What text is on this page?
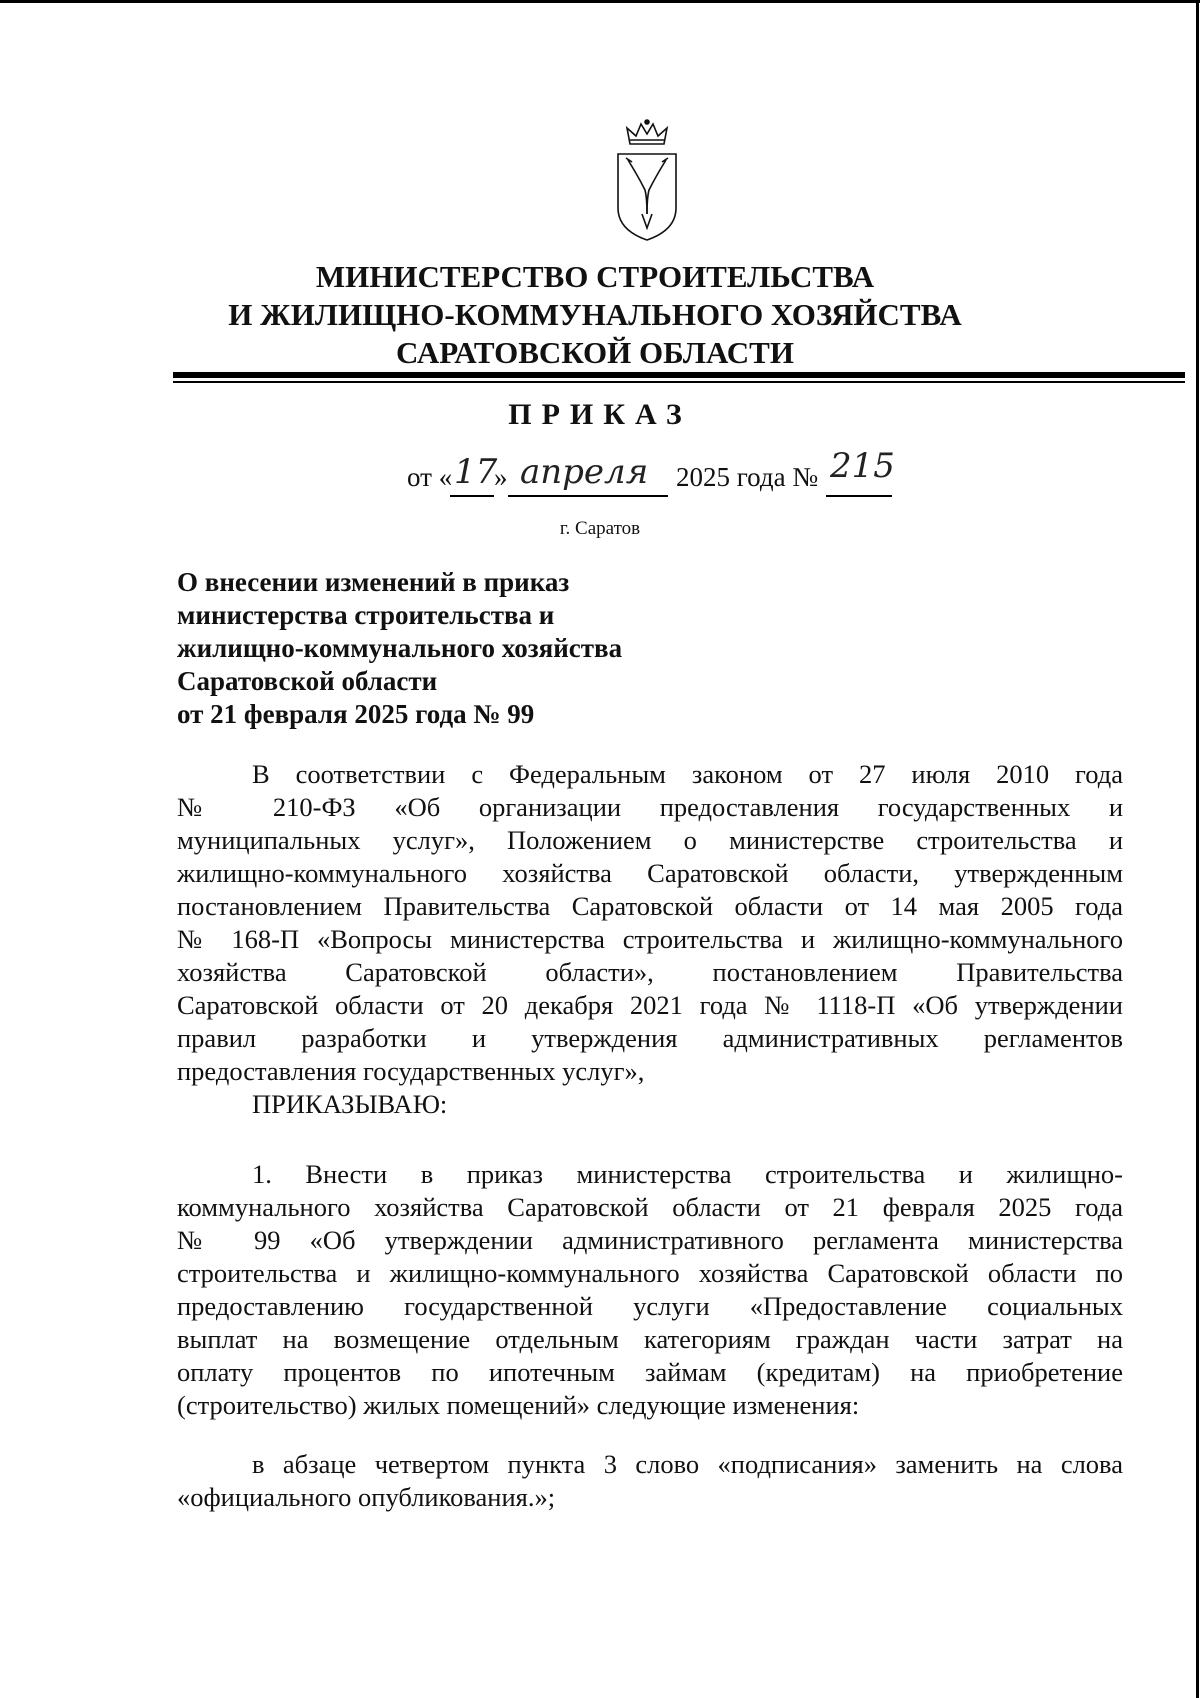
МИНИСТЕРСТВО СТРОИТЕЛЬСТВА
И ЖИЛИЩНО-КОММУНАЛЬНОГО ХОЗЯЙСТВА
САРАТОВСКОЙ ОБЛАСТИ
ПРИКАЗ
от « 17
» апреля 2025 года № 215
г. Саратов
О внесении изменений в приказ
министерства строительства и
жилищно-коммунального хозяйства
Саратовской области
от 21 февраля 2025 года № 99
В соответствии с Федеральным законом от 27 июля 2010 года
№ 210-ФЗ «Об организации предоставления государственных и
муниципальных услуг», Положением о министерстве строительства и
жилищно-коммунального хозяйства Саратовской области, утвержденным
постановлением Правительства Саратовской области от 14 мая 2005 года
№ 168-П «Вопросы министерства строительства и жилищно-коммунального
хозяйства Саратовской области», постановлением Правительства
Саратовской области от 20 декабря 2021 года № 1118-П «Об утверждении
правил разработки и утверждения административных регламентов
предоставления государственных услуг»,
ПРИКАЗЫВАЮ:
1. Внести в приказ министерства строительства и жилищно-
коммунального хозяйства Саратовской области от 21 февраля 2025 года
№ 99 «Об утверждении административного регламента министерства
строительства и жилищно-коммунального хозяйства Саратовской области по
предоставлению государственной услуги «Предоставление социальных
выплат на возмещение отдельным категориям граждан части затрат на
оплату процентов по ипотечным займам (кредитам) на приобретение
(строительство) жилых помещений» следующие изменения:
в абзаце четвертом пункта 3 слово «подписания» заменить на слова
«официального опубликования.»;
